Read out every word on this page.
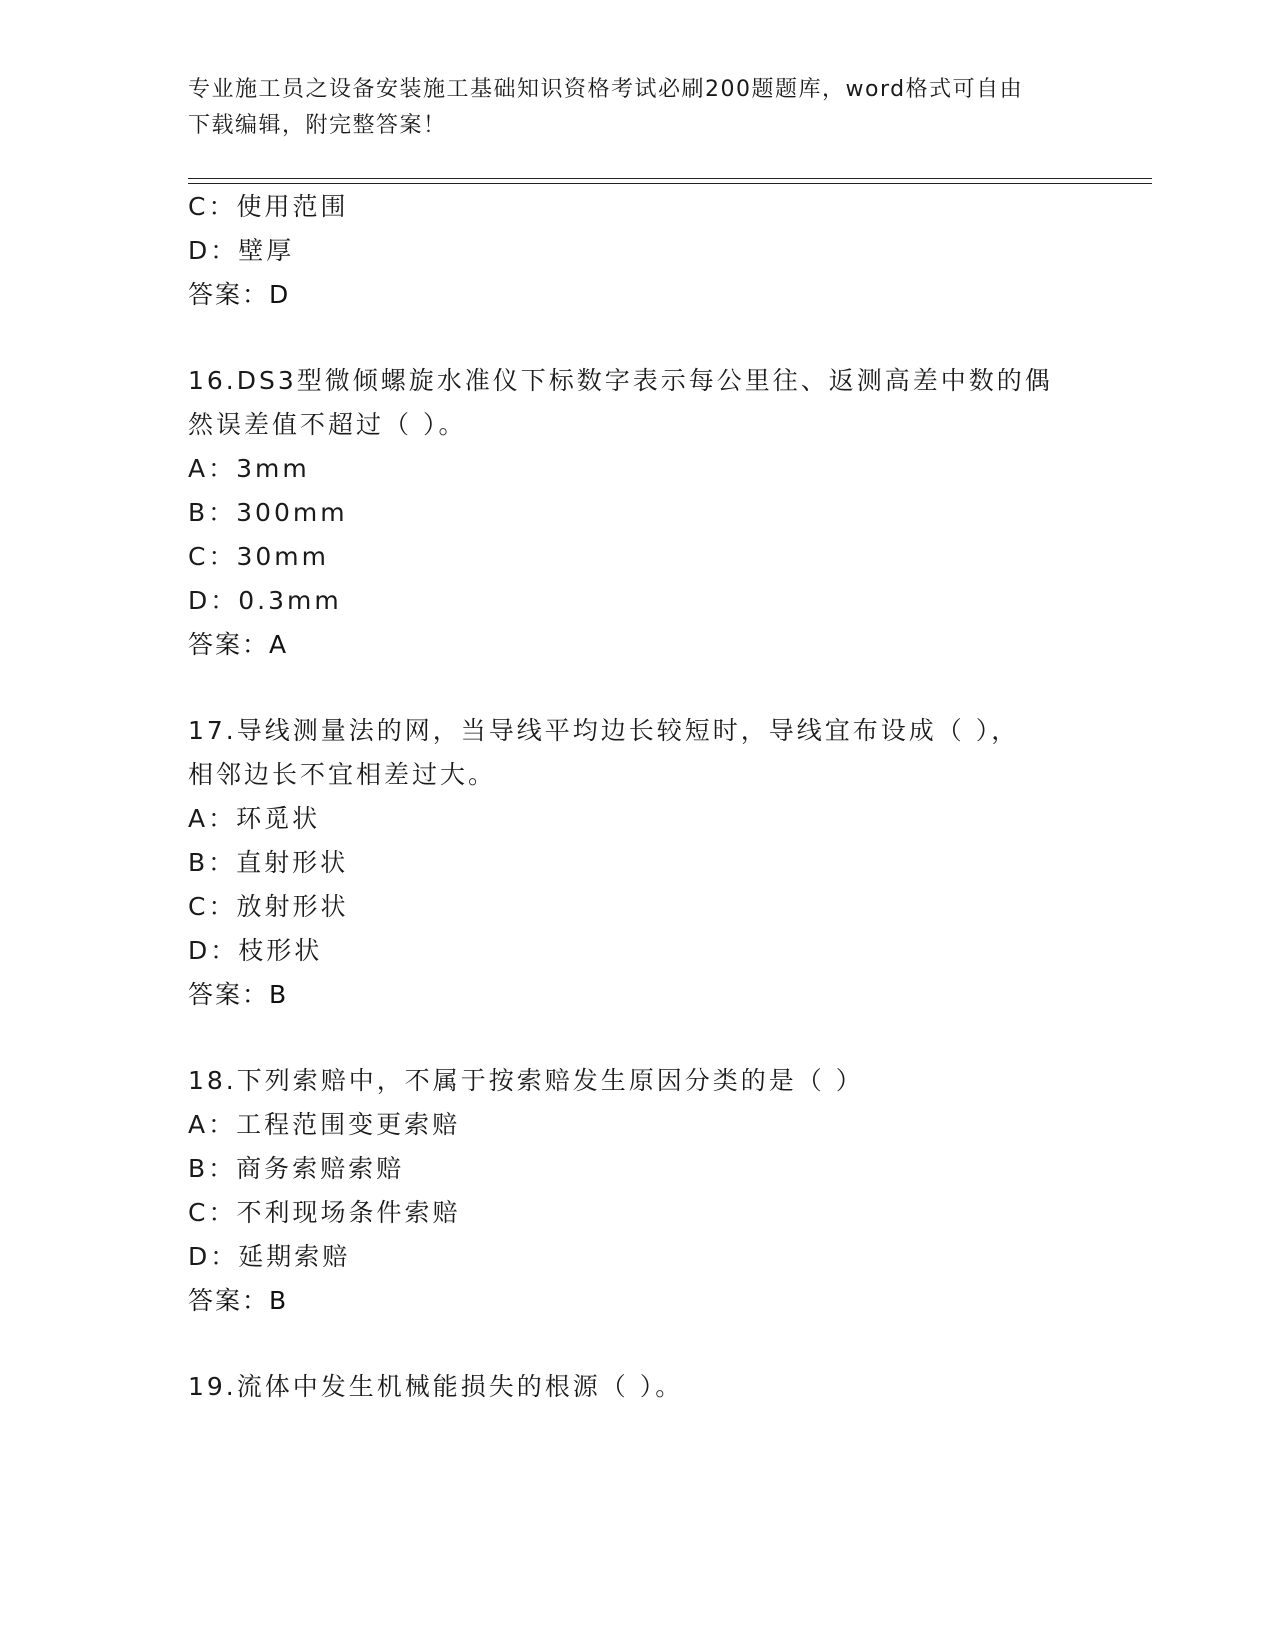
专业施工员之设备安装施工基础知识资格考试必刷200题题库，word格式可自由
下载编辑，附完整答案！
C：使用范围
D：壁厚
答案：D
16.DS3型微倾螺旋水准仪下标数字表示每公里往、返测高差中数的偶
然误差值不超过（ ）。
A：3mm
B：300mm
C：30mm
D：0.3mm
答案：A
17.导线测量法的网，当导线平均边长较短时，导线宜布设成（ ），
相邻边长不宜相差过大。
A：环觅状
B：直射形状
C：放射形状
D：枝形状
答案：B
18.下列索赔中，不属于按索赔发生原因分类的是（ ）
A：工程范围变更索赔
B：商务索赔索赔
C：不利现场条件索赔
D：延期索赔
答案：B
19.流体中发生机械能损失的根源（ ）。
